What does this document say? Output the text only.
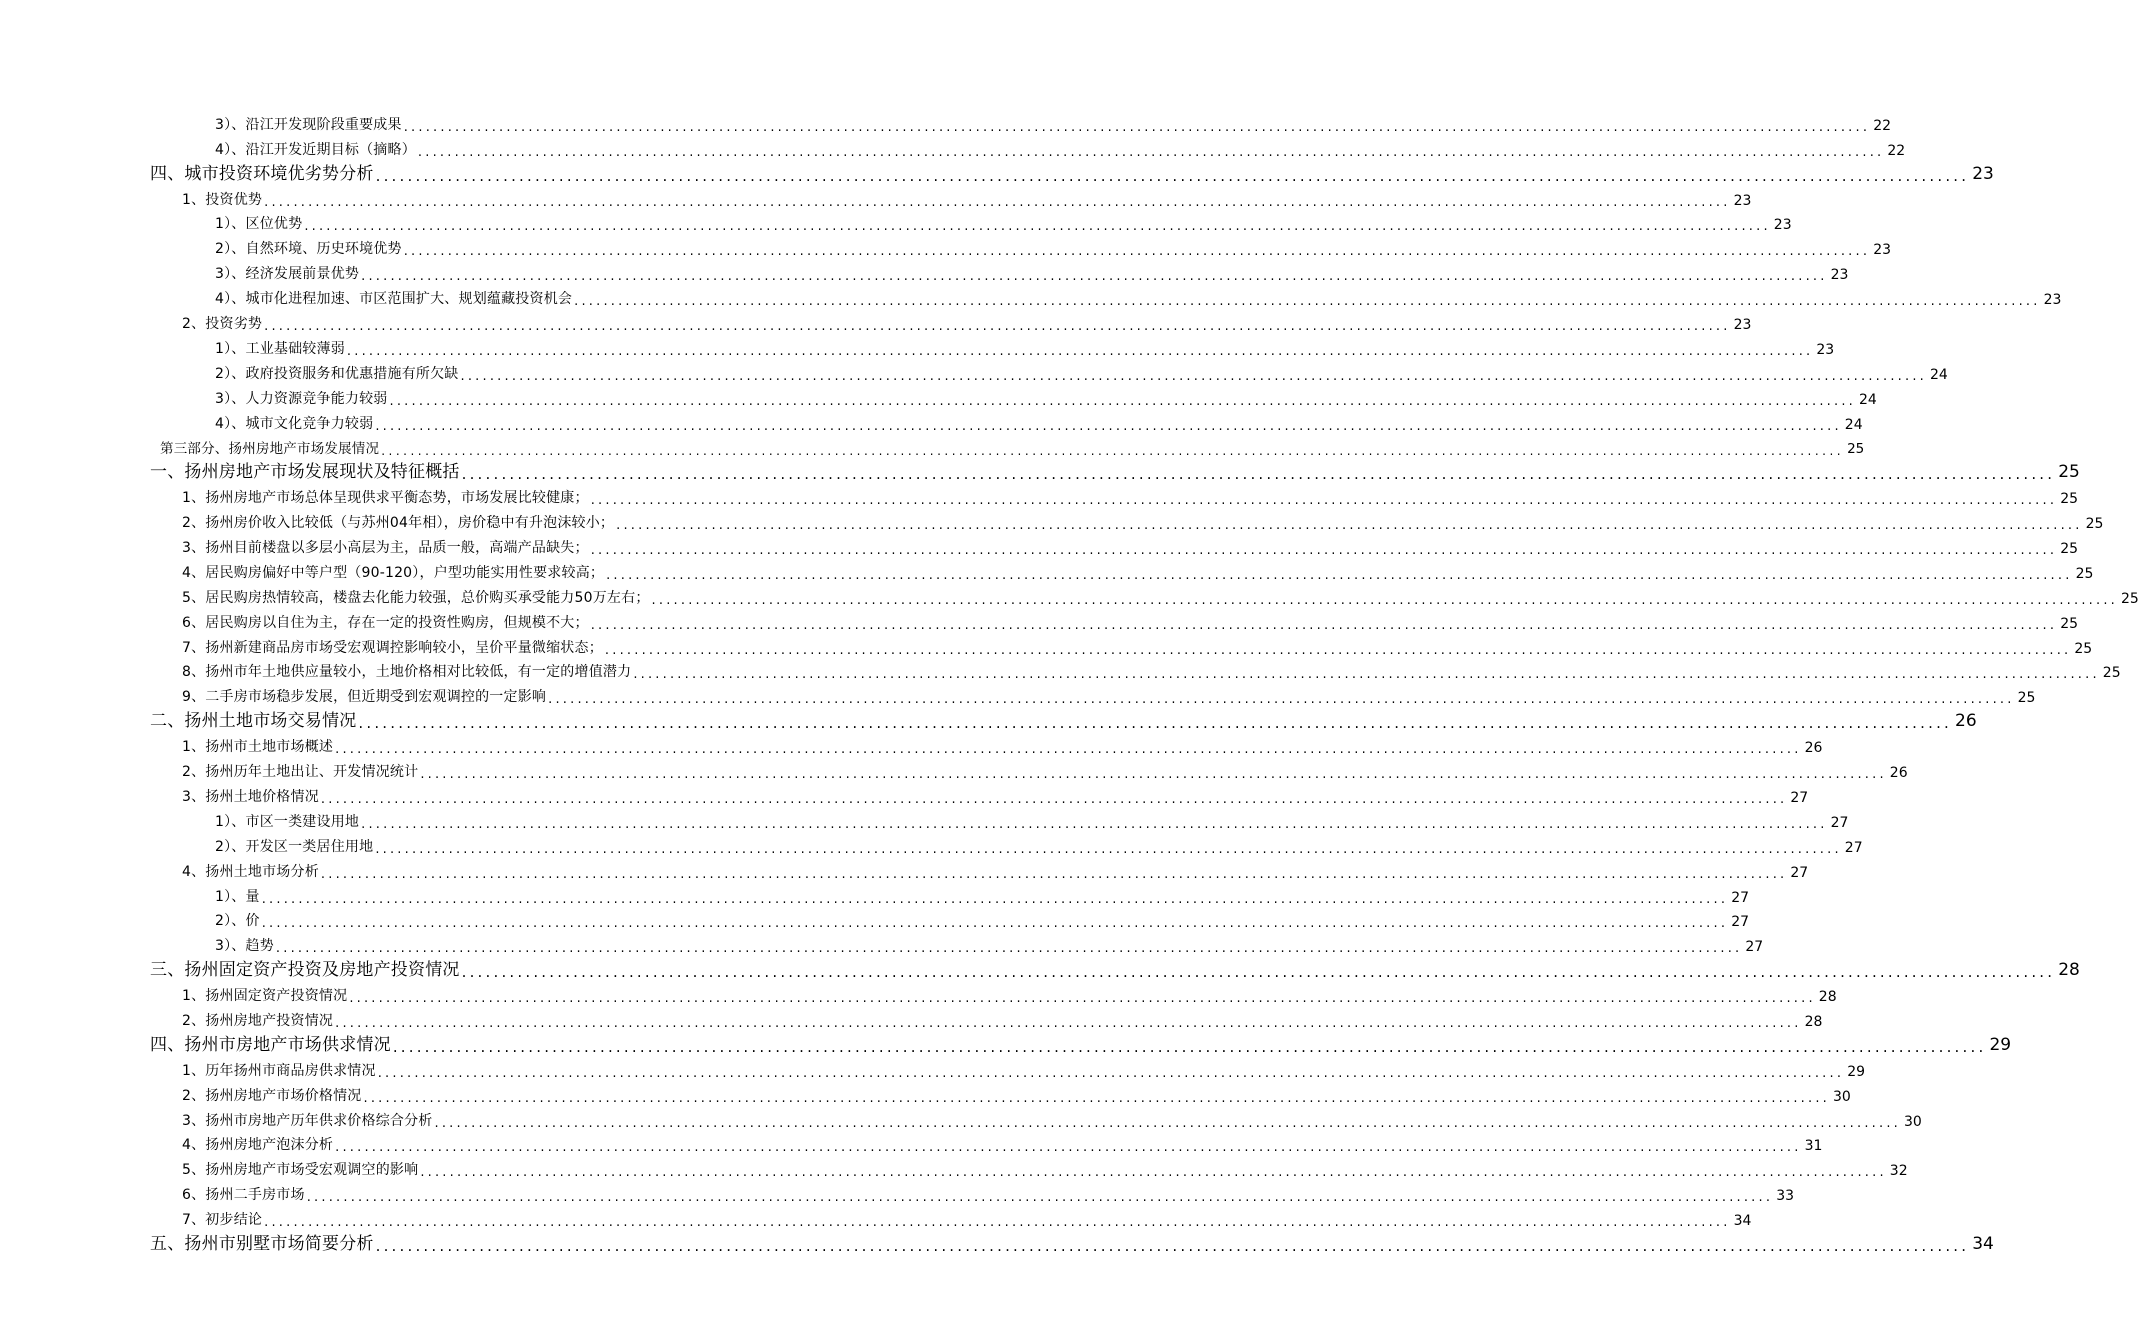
3）、沿江开发现阶段重要成果 ........................................................................................................................................................................................................ 22
4）、沿江开发近期目标（摘略） ........................................................................................................................................................................................................ 22
四、城市投资环境优劣势分析 ........................................................................................................................................................................................................ 23
1、投资优势 ........................................................................................................................................................................................................ 23
1）、区位优势 ........................................................................................................................................................................................................ 23
2）、自然环境、历史环境优势 ........................................................................................................................................................................................................ 23
3）、经济发展前景优势 ........................................................................................................................................................................................................ 23
4）、城市化进程加速、市区范围扩大、规划蕴藏投资机会 ........................................................................................................................................................................................................ 23
2、投资劣势 ........................................................................................................................................................................................................ 23
1）、工业基础较薄弱 ........................................................................................................................................................................................................ 23
2）、政府投资服务和优惠措施有所欠缺 ........................................................................................................................................................................................................ 24
3）、人力资源竞争能力较弱 ........................................................................................................................................................................................................ 24
4）、城市文化竞争力较弱 ........................................................................................................................................................................................................ 24
第三部分、扬州房地产市场发展情况 ........................................................................................................................................................................................................ 25
一、扬州房地产市场发展现状及特征概括 ........................................................................................................................................................................................................ 25
1、扬州房地产市场总体呈现供求平衡态势，市场发展比较健康； ........................................................................................................................................................................................................ 25
2、扬州房价收入比较低（与苏州04年相），房价稳中有升泡沫较小； ........................................................................................................................................................................................................ 25
3、扬州目前楼盘以多层小高层为主，品质一般，高端产品缺失； ........................................................................................................................................................................................................ 25
4、居民购房偏好中等户型（90-120），户型功能实用性要求较高； ........................................................................................................................................................................................................ 25
5、居民购房热情较高，楼盘去化能力较强，总价购买承受能力50万左右； ........................................................................................................................................................................................................ 25
6、居民购房以自住为主，存在一定的投资性购房，但规模不大； ........................................................................................................................................................................................................ 25
7、扬州新建商品房市场受宏观调控影响较小，呈价平量微缩状态； ........................................................................................................................................................................................................ 25
8、扬州市年土地供应量较小，土地价格相对比较低，有一定的增值潜力 ........................................................................................................................................................................................................ 25
9、二手房市场稳步发展，但近期受到宏观调控的一定影响 ........................................................................................................................................................................................................ 25
二、扬州土地市场交易情况 ........................................................................................................................................................................................................ 26
1、扬州市土地市场概述 ........................................................................................................................................................................................................ 26
2、扬州历年土地出让、开发情况统计 ........................................................................................................................................................................................................ 26
3、扬州土地价格情况 ........................................................................................................................................................................................................ 27
1）、市区一类建设用地 ........................................................................................................................................................................................................ 27
2）、开发区一类居住用地 ........................................................................................................................................................................................................ 27
4、扬州土地市场分析 ........................................................................................................................................................................................................ 27
1）、量 ........................................................................................................................................................................................................ 27
2）、价 ........................................................................................................................................................................................................ 27
3）、趋势 ........................................................................................................................................................................................................ 27
三、扬州固定资产投资及房地产投资情况 ........................................................................................................................................................................................................ 28
1、扬州固定资产投资情况 ........................................................................................................................................................................................................ 28
2、扬州房地产投资情况 ........................................................................................................................................................................................................ 28
四、扬州市房地产市场供求情况 ........................................................................................................................................................................................................ 29
1、历年扬州市商品房供求情况 ........................................................................................................................................................................................................ 29
2、扬州房地产市场价格情况 ........................................................................................................................................................................................................ 30
3、扬州市房地产历年供求价格综合分析 ........................................................................................................................................................................................................ 30
4、扬州房地产泡沫分析 ........................................................................................................................................................................................................ 31
5、扬州房地产市场受宏观调空的影响 ........................................................................................................................................................................................................ 32
6、扬州二手房市场 ........................................................................................................................................................................................................ 33
7、初步结论 ........................................................................................................................................................................................................ 34
五、扬州市别墅市场简要分析 ........................................................................................................................................................................................................ 34
